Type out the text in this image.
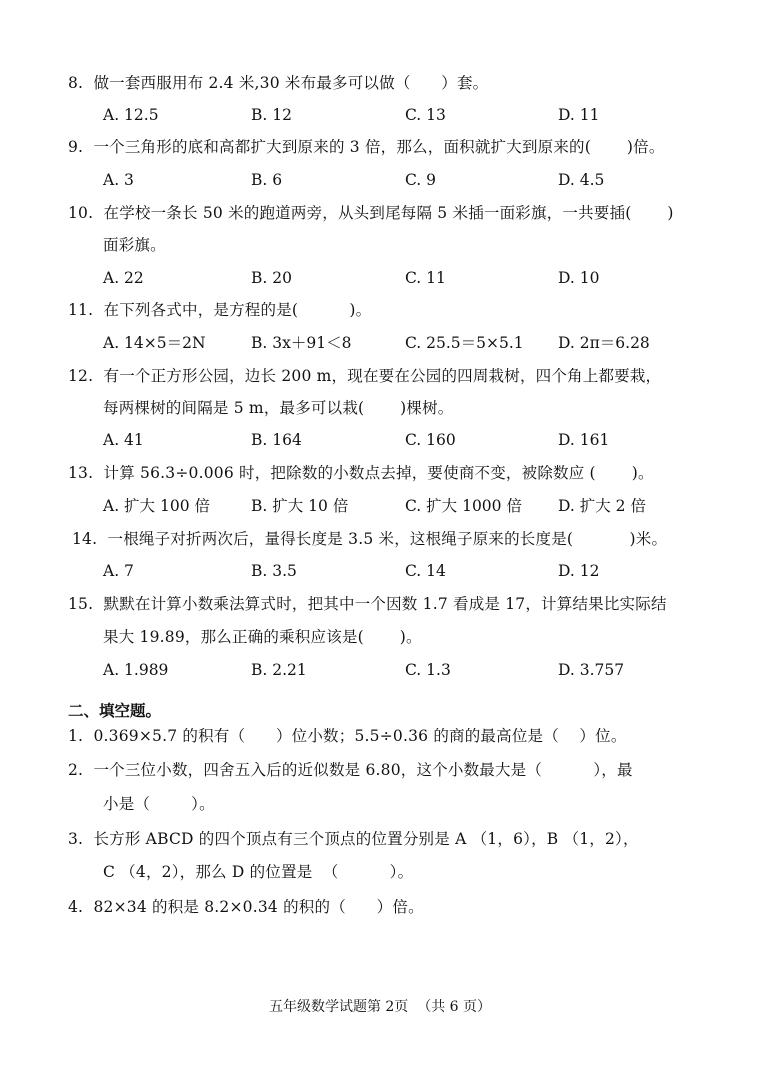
8.  做一套西服用布 2.4 米,30 米布最多可以做（      ）套。
A. 12.5	B. 12	C. 13	D. 11
9.  一个三角形的底和高都扩大到原来的 3 倍，那么，面积就扩大到原来的(       )倍。
A. 3	B. 6	C. 9	D. 4.5
10.  在学校一条长 50 米的跑道两旁，从头到尾每隔 5 米插一面彩旗，一共要插(       )
面彩旗。
A. 22	B. 20	C. 11	D. 10
11.  在下列各式中，是方程的是(          )。
A. 14×5＝2N	B. 3x＋91＜8	C. 25.5＝5×5.1 D. 2π＝6.28
12.  有一个正方形公园，边长 200 m，现在要在公园的四周栽树，四个角上都要栽，
每两棵树的间隔是 5 m，最多可以栽(       )棵树。
A. 41	B. 164	C. 160	D. 161
13.  计算 56.3÷0.006 时，把除数的小数点去掉，要使商不变，被除数应 (       )。
A. 扩大 100 倍	B. 扩大 10 倍	C. 扩大 1000 倍 D. 扩大 2 倍
14.  一根绳子对折两次后，量得长度是 3.5 米，这根绳子原来的长度是(           )米。
A. 7	B. 3.5	C. 14	D. 12
15.  默默在计算小数乘法算式时，把其中一个因数 1.7 看成是 17，计算结果比实际结
果大 19.89，那么正确的乘积应该是(       )。
A. 1.989	B. 2.21	C. 1.3	D. 3.757
二、填空题。
1.  0.369×5.7 的积有（      ）位小数；5.5÷0.36 的商的最高位是（    ）位。
2.  一个三位小数，四舍五入后的近似数是 6.80，这个小数最大是（          ），最
小是（        ）。
3.  长方形 ABCD 的四个顶点有三个顶点的位置分别是 A （1，6），B （1，2），
C （4，2），那么 D 的位置是  （          ）。
4.  82×34 的积是 8.2×0.34 的积的（      ）倍。
五年级数学试题第 2页  （共 6 页）
